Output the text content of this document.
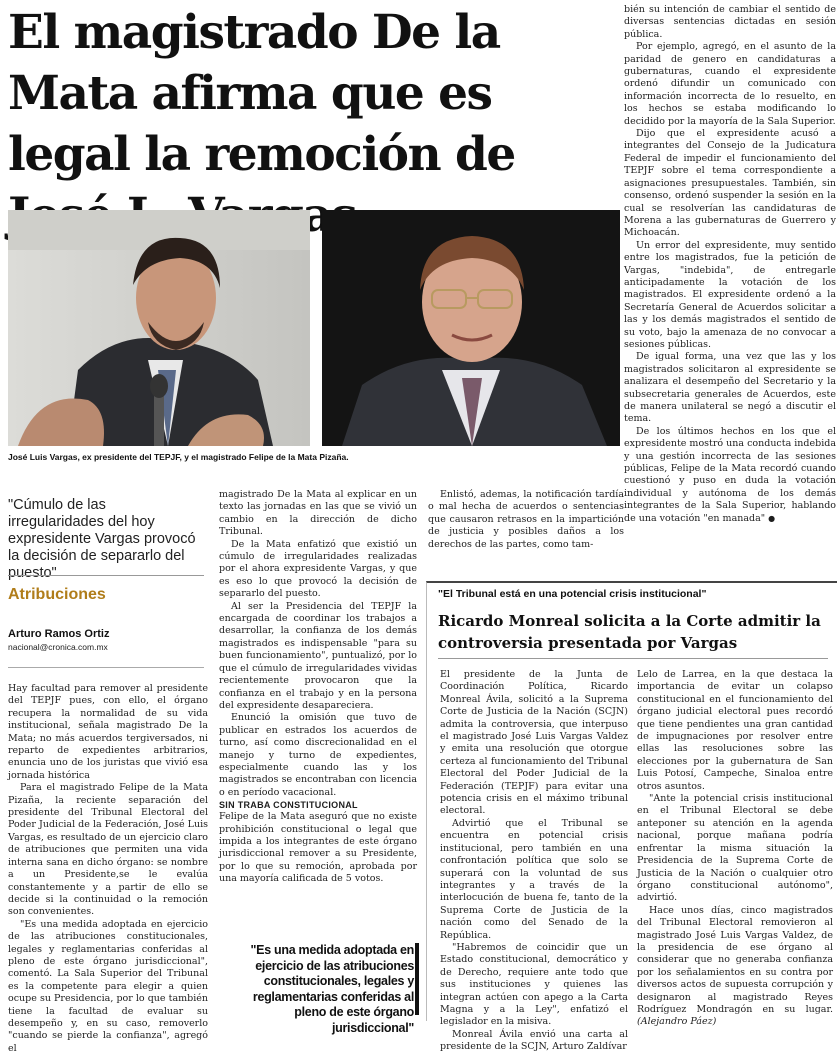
El magistrado De la Mata afirma que es legal la remoción de

bién su intención de cambiar el sentido de diversas sentencias dictadas en sesión pública.

Por ejemplo, agregó, en el asunto de la paridad de genero en candidaturas a gubernaturas, cuando el expresidente ordenó difundir un comunicado con información incorrecta de lo resuelto, en los hechos se estaba modificando lo decidido por la mayoría de la Sala Superior.

Dijo que el expresidente acusó a integrantes del Consejo de la Judicatura Federal de impedir el funcionamiento del TEPJF sobre el tema correspondiente a asignaciones presupuestales. También, sin consenso, ordenó suspender la sesión en la cual se resolverían las candidaturas de Morena a las gubernaturas de Guerrero y Michoacán.

Un error del expresidente, muy sentido entre los magistrados, fue la petición de Vargas, "indebida", de entregarle anticipadamente la votación de los magistrados. El expresidente ordenó a la Secretaría General de Acuerdos solicitar a las y los demás magistrados el sentido de su voto, bajo la amenaza de no convocar a sesiones públicas.

De igual forma, una vez que las y los magistrados solicitaron al expresidente se analizara el desempeño del Secretario y la subsecretaria generales de Acuerdos, este de manera unilateral se negó a discutir el tema.

De los últimos hechos en los que el expresidente mostró una conducta indebida y una gestión incorrecta de las sesiones públicas, Felipe de la Mata recordó cuando cuestionó y puso en duda la votación individual y autónoma de los demás integrantes de la Sala Superior, hablando de una votación "en manada" ●

José Luis Vargas, ex presidente del TEPJF, y el magistrado Felipe de la Mata Pizaña.

"Cúmulo de las irregularidades del hoy expresidente Vargas provocó la decisión de separarlo del puesto"
Atribuciones
Arturo Ramos Ortiz
nacional@cronica.com.mx

Hay facultad para remover al presidente del TEPJF pues, con ello, el órgano recupera la normalidad de su vida institucional, señala magistrado De la Mata; no más acuerdos tergiversados, ni reparto de expedientes arbitrarios, enuncia uno de los juristas que vivió esa jornada histórica

Para el magistrado Felipe de la Mata Pizaña, la reciente separación del presidente del Tribunal Electoral del Poder Judicial de la Federación, José Luis Vargas, es resultado de un ejercicio claro de atribuciones que permiten una vida interna sana en dicho órgano: se nombre a un Presidente,se le evalúa constantemente y a partir de ello se decide si la continuidad o la remoción son convenientes.

"Es una medida adoptada en ejercicio de las atribuciones constitucionales, legales y reglamentarias conferidas al pleno de este órgano jurisdiccional", comentó. La Sala Superior del Tribunal es la competente para elegir a quien ocupe su Presidencia, por lo que también tiene la facultad de evaluar su desempeño y, en su caso, removerlo "cuando se pierde la confianza", agregó el

magistrado De la Mata al explicar en un texto las jornadas en las que se vivió un cambio en la dirección de dicho Tribunal.

De la Mata enfatizó que existió un cúmulo de irregularidades realizadas por el ahora expresidente Vargas, y que es eso lo que provocó la decisión de separarlo del puesto.

Al ser la Presidencia del TEPJF la encargada de coordinar los trabajos a desarrollar, la confianza de los demás magistrados es indispensable "para su buen funcionamiento", puntualizó, por lo que el cúmulo de irregularidades vividas recientemente provocaron que la confianza en el trabajo y en la persona del expresidente desapareciera.

Enunció la omisión que tuvo de publicar en estrados los acuerdos de turno, así como discrecionalidad en el manejo y turno de expedientes, especialmente cuando las y los magistrados se encontraban con licencia o en período vacacional.

SIN TRABA CONSTITUCIONAL

Felipe de la Mata aseguró que no existe prohibición constitucional o legal que impida a los integrantes de este órgano jurisdiccional remover a su Presidente, por lo que su remoción, aprobada por una mayoría calificada de 5 votos.

Enlistó, ademas, la notificación tardía o mal hecha de acuerdos o sentencias que causaron retrasos en la impartición de justicia y posibles daños a los derechos de las partes, como tam-

"Es una medida adoptada en ejercicio de las atribuciones constitucionales, legales y reglamentarias conferidas al pleno de este órgano jurisdiccional"
"El Tribunal está en una potencial crisis institucional"
Ricardo Monreal solicita a la Corte admitir la controversia presentada por Vargas

El presidente de la Junta de Coordinación Política, Ricardo Monreal Ávila, solicitó a la Suprema Corte de Justicia de la Nación (SCJN) admita la controversia, que interpuso el magistrado José Luis Vargas Valdez y emita una resolución que otorgue certeza al funcionamiento del Tribunal Electoral del Poder Judicial de la Federación (TEPJF) para evitar una potencia crisis en el máximo tribunal electoral.

Advirtió que el Tribunal se encuentra en potencial crisis institucional, pero también en una confrontación política que solo se superará con la voluntad de sus integrantes y a través de la interlocución de buena fe, tanto de la Suprema Corte de Justicia de la nación como del Senado de la República.

"Habremos de coincidir que un Estado constitucional, democrático y de Derecho, requiere ante todo que sus instituciones y quienes las integran actúen con apego a la Carta Magna y a la Ley", enfatizó el legislador en la misiva.

Monreal Ávila envió una carta al presidente de la SCJN, Arturo Zaldívar

Lelo de Larrea, en la que destaca la importancia de evitar un colapso constitucional en el funcionamiento del órgano judicial electoral pues recordó que tiene pendientes una gran cantidad de impugnaciones por resolver entre ellas las resoluciones sobre las elecciones por la gubernatura de San Luis Potosí, Campeche, Sinaloa entre otros asuntos.

"Ante la potencial crisis institucional en el Tribunal Electoral se debe anteponer su atención en la agenda nacional, porque mañana podría enfrentar la misma situación la Presidencia de la Suprema Corte de Justicia de la Nación o cualquier otro órgano constitucional autónomo", advirtió.

Hace unos días, cinco magistrados del Tribunal Electoral removieron al magistrado José Luis Vargas Valdez, de la presidencia de ese órgano al considerar que no generaba confianza por los señalamientos en su contra por diversos actos de supuesta corrupción y designaron al magistrado Reyes Rodríguez Mondragón en su lugar. (Alejandro Páez)
